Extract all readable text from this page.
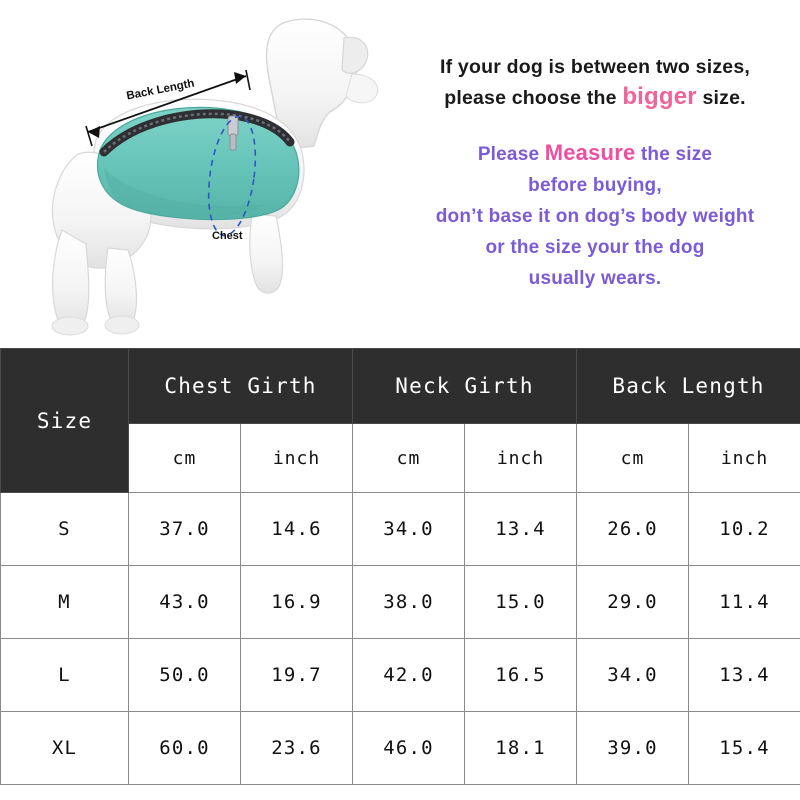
Back Length
Chest
If your dog is between two sizes,
please choose the bigger size.
Please Measure the size
before buying,
don’t base it on dog’s body weight
or the size your the dog
usually wears.
Size	Chest Girth		Neck Girth		Back Length	
	cm	inch	cm	inch	cm	inch
S	37.0	14.6	34.0	13.4	26.0	10.2
M	43.0	16.9	38.0	15.0	29.0	11.4
L	50.0	19.7	42.0	16.5	34.0	13.4
XL	60.0	23.6	46.0	18.1	39.0	15.4
